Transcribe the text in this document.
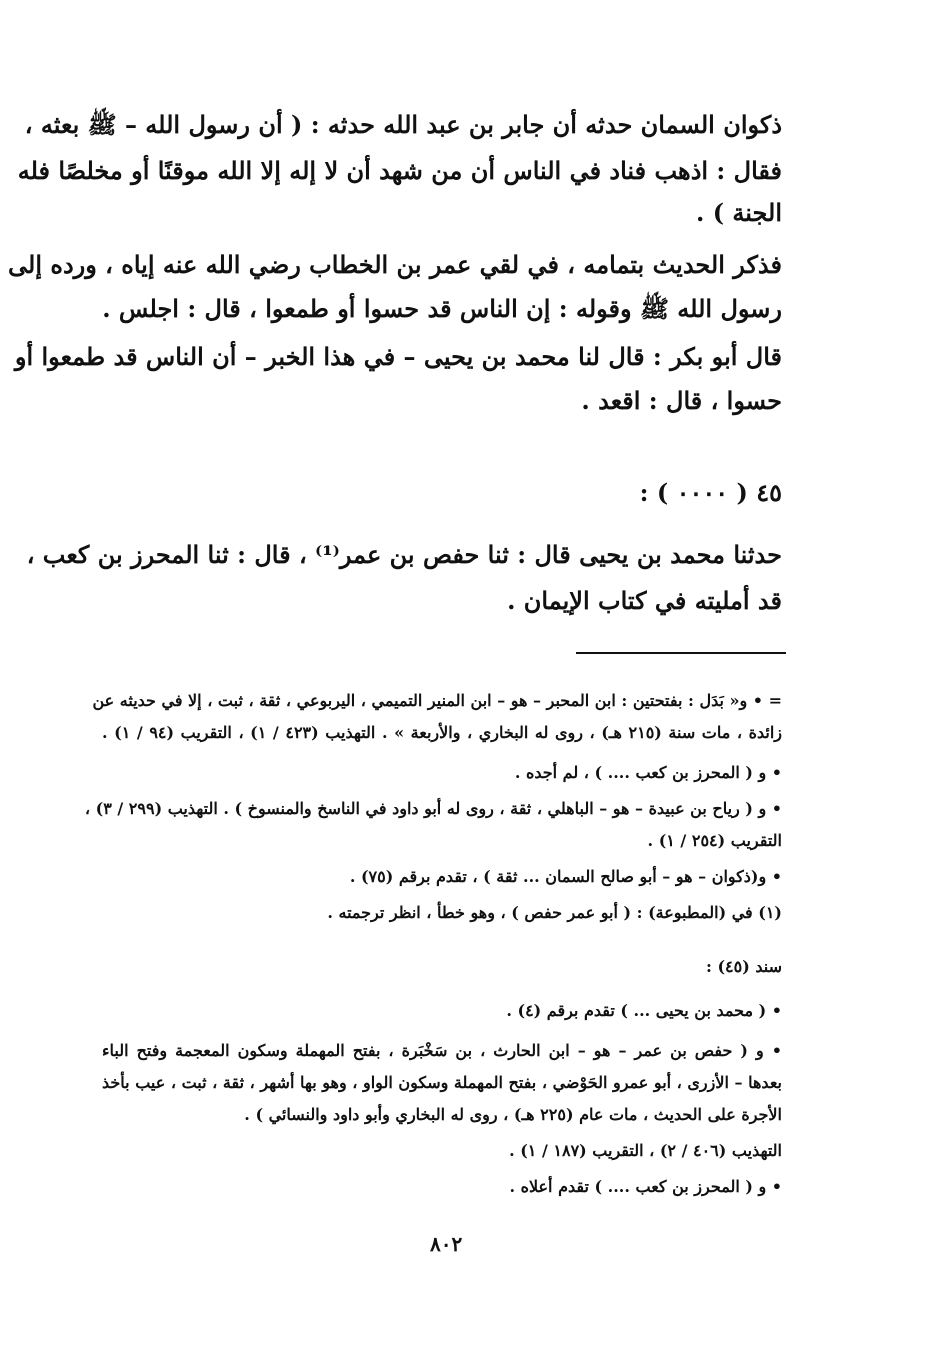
ذكوان السمان حدثه أن جابر بن عبد الله حدثه : ( أن رسول الله – ﷺ بعثه ،
فقال : اذهب فناد في الناس أن من شهد أن لا إله إلا الله موقنًا أو مخلصًا فله
الجنة ) .
فذكر الحديث بتمامه ، في لقي عمر بن الخطاب رضي الله عنه إياه ، ورده إلى
رسول الله ﷺ وقوله : إن الناس قد حسوا أو طمعوا ، قال : اجلس .
قال أبو بكر : قال لنا محمد بن يحيى – في هذا الخبر – أن الناس قد طمعوا أو
حسوا ، قال : اقعد .
٤٥ ( ٠٠٠٠ ) :
حدثنا محمد بن يحيى قال : ثنا حفص بن عمر⁽¹⁾ ، قال : ثنا المحرز بن كعب ،
قد أمليته في كتاب الإيمان .
= • و« بَدَل : بفتحتين : ابن المحبر – هو – ابن المنير التميمي ، اليربوعي ، ثقة ، ثبت ، إلا في حديثه عن
زائدة ، مات سنة (٢١٥ هـ) ، روى له البخاري ، والأربعة » . التهذيب (٤٢٣ / ١) ، التقريب (٩٤ / ١) .
• و ( المحرز بن كعب .... ) ، لم أجده .
• و ( رياح بن عبيدة – هو – الباهلي ، ثقة ، روى له أبو داود في الناسخ والمنسوخ ) . التهذيب (٢٩٩ / ٣) ،
التقريب (٢٥٤ / ١) .
• و(ذكوان – هو – أبو صالح السمان ... ثقة ) ، تقدم برقم (٧٥) .
(١) في (المطبوعة) : ( أبو عمر حفص ) ، وهو خطأ ، انظر ترجمته .
سند (٤٥) :
• ( محمد بن يحيى ... ) تقدم برقم (٤) .
• و ( حفص بن عمر – هو – ابن الحارث ، بن سَخْبَرة ، بفتح المهملة وسكون المعجمة وفتح الباء
بعدها – الأزرى ، أبو عمرو الحَوْضي ، بفتح المهملة وسكون الواو ، وهو بها أشهر ، ثقة ، ثبت ، عيب بأخذ
الأجرة على الحديث ، مات عام (٢٢٥ هـ) ، روى له البخاري وأبو داود والنسائي ) .
التهذيب (٤٠٦ / ٢) ، التقريب (١٨٧ / ١) .
• و ( المحرز بن كعب .... ) تقدم أعلاه .
٨٠٢
